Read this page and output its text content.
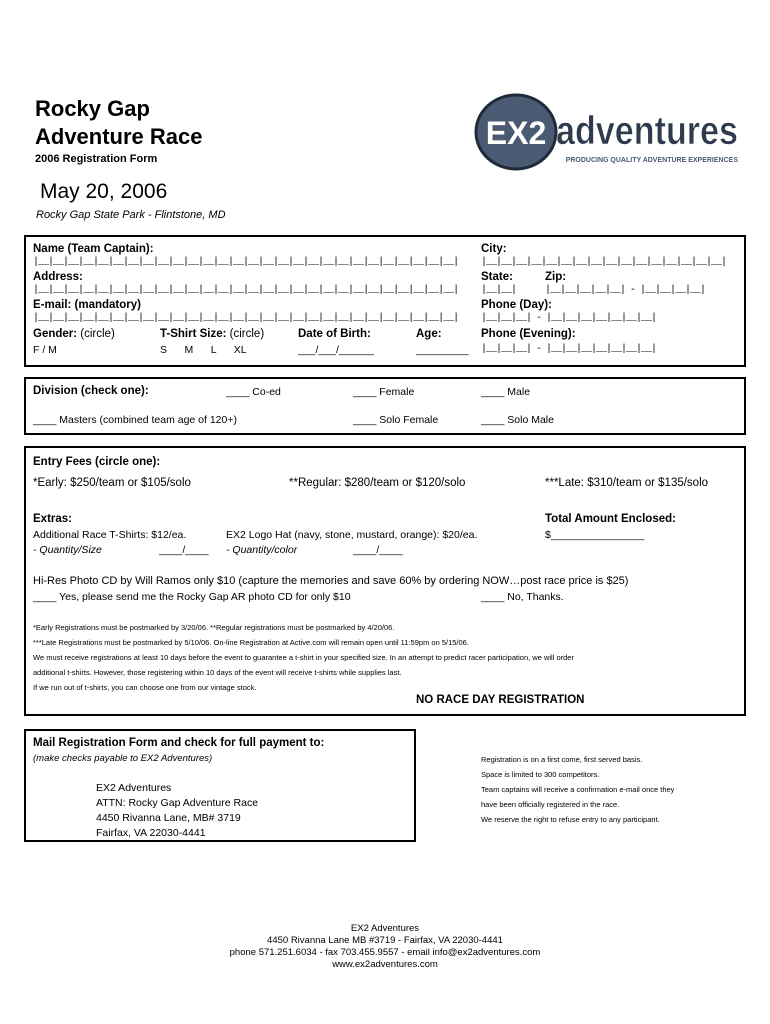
Rocky Gap
Adventure Race
2006 Registration Form
May 20, 2006
Rocky Gap State Park - Flintstone, MD
EX2 adventures
PRODUCING QUALITY ADVENTURE EXPERIENCES
Name (Team Captain):
|__|__|__|__|__|__|__|__|__|__|__|__|__|__|__|__|__|__|__|__|__|__|__|__|__|__|__|__|
Address:
|__|__|__|__|__|__|__|__|__|__|__|__|__|__|__|__|__|__|__|__|__|__|__|__|__|__|__|__|
E-mail: (mandatory)
|__|__|__|__|__|__|__|__|__|__|__|__|__|__|__|__|__|__|__|__|__|__|__|__|__|__|__|__|
Gender: (circle)
F / M
T-Shirt Size: (circle)
S      M      L      XL
Date of Birth:
___/___/______
Age:
_________
City:
|__|__|__|__|__|__|__|__|__|__|__|__|__|__|__|__|
State:	Zip:
|__|__|	|__|__|__|__|__| - |__|__|__|__|
Phone (Day):
|__|__|__| - |__|__|__|__|__|__|__|
Phone (Evening):
|__|__|__| - |__|__|__|__|__|__|__|
Division (check one):	____ Co-ed	____ Female	____ Male
____ Masters (combined team age of 120+)	____ Solo Female	____ Solo Male
Entry Fees (circle one):
*Early: $250/team or $105/solo	**Regular: $280/team or $120/solo	***Late: $310/team or $135/solo
Extras:
Additional Race T-Shirts: $12/ea.
- Quantity/Size	____/____
EX2 Logo Hat (navy, stone, mustard, orange): $20/ea.
- Quantity/color	____/____
Total Amount Enclosed:
$________________
Hi-Res Photo CD by Will Ramos only $10 (capture the memories and save 60% by ordering NOW…post race price is $25)
____ Yes, please send me the Rocky Gap AR photo CD for only $10	____ No, Thanks.
*Early Registrations must be postmarked by 3/20/06. **Regular registrations must be postmarked by 4/20/06.
***Late Registrations must be postmarked by 5/10/06. On-line Registration at Active.com will remain open until 11:59pm on 5/15/06.
We must receive registrations at least 10 days before the event to guarantee a t-shirt in your specified size. In an attempt to predict racer participation, we will order
additional t-shirts. However, those registering within 10 days of the event will receive t-shirts while supplies last.
If we run out of t-shirts, you can choose one from our vintage stock.
NO RACE DAY REGISTRATION
Mail Registration Form and check for full payment to:
(make checks payable to EX2 Adventures)
EX2 Adventures
ATTN: Rocky Gap Adventure Race
4450 Rivanna Lane, MB# 3719
Fairfax, VA 22030-4441
Registration is on a first come, first served basis.
Space is limited to 300 competitors.
Team captains will receive a confirmation e-mail once they
have been officially registered in the race.
We reserve the right to refuse entry to any participant.
EX2 Adventures
4450 Rivanna Lane MB #3719 - Fairfax, VA 22030-4441
phone 571.251.6034 - fax 703.455.9557 - email info@ex2adventures.com
www.ex2adventures.com
